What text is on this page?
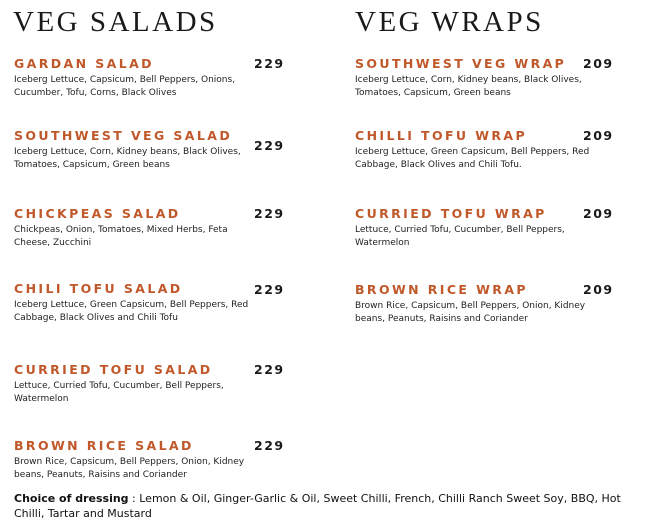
VEG SALADS	VEG WRAPS
GARDAN SALAD
Iceberg Lettuce, Capsicum, Bell Peppers, Onions, Cucumber, Tofu, Corns, Black Olives
229
SOUTHWEST VEG SALAD
Iceberg Lettuce, Corn, Kidney beans, Black Olives, Tomatoes, Capsicum, Green beans
229
CHICKPEAS SALAD
Chickpeas, Onion, Tomatoes, Mixed Herbs, Feta Cheese, Zucchini
229
CHILI TOFU SALAD
Iceberg Lettuce, Green Capsicum, Bell Peppers, Red Cabbage, Black Olives and Chili Tofu
229
CURRIED TOFU SALAD
Lettuce, Curried Tofu, Cucumber, Bell Peppers, Watermelon
229
BROWN RICE SALAD
Brown Rice, Capsicum, Bell Peppers, Onion, Kidney beans, Peanuts, Raisins and Coriander
229
SOUTHWEST VEG WRAP
Iceberg Lettuce, Corn, Kidney beans, Black Olives, Tomatoes, Capsicum, Green beans
209
CHILLI TOFU WRAP
Iceberg Lettuce, Green Capsicum, Bell Peppers, Red Cabbage, Black Olives and Chili Tofu.
209
CURRIED TOFU WRAP
Lettuce, Curried Tofu, Cucumber, Bell Peppers, Watermelon
209
BROWN RICE WRAP
Brown Rice, Capsicum, Bell Peppers, Onion, Kidney beans, Peanuts, Raisins and Coriander
209
Choice of dressing : Lemon & Oil, Ginger-Garlic & Oil, Sweet Chilli, French, Chilli Ranch Sweet Soy, BBQ, Hot Chilli, Tartar and Mustard
